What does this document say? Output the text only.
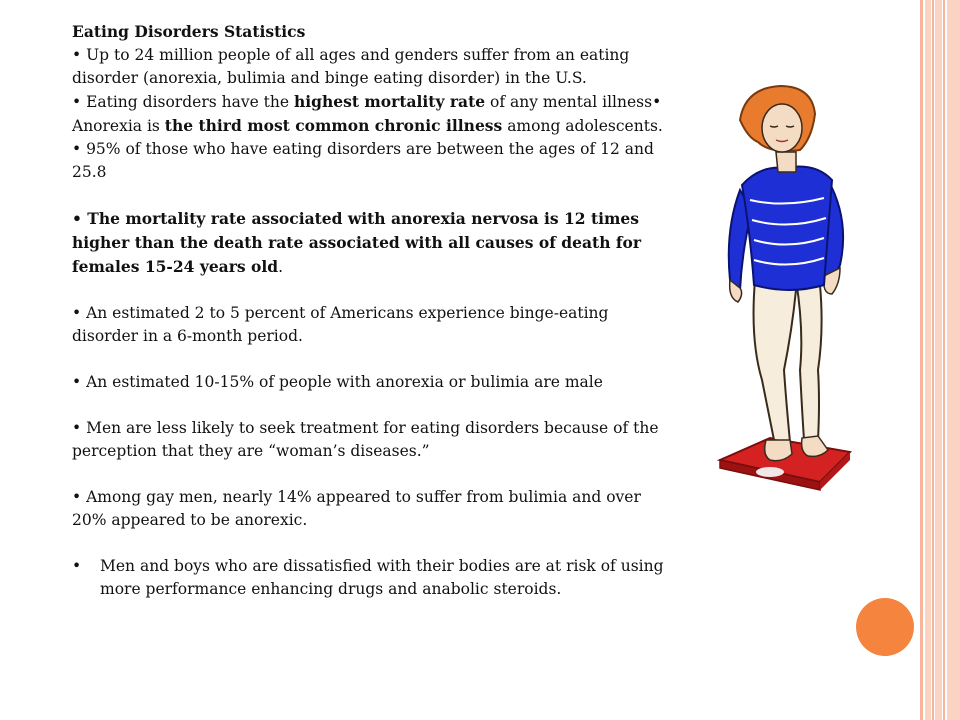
Eating Disorders Statistics

• Up to 24 million people of all ages and genders suffer from an eating disorder (anorexia, bulimia and binge eating disorder) in the U.S.

• Eating disorders have the highest mortality rate of any mental illness• Anorexia is the third most common chronic illness among adolescents.

• 95% of those who have eating disorders are between the ages of 12 and 25.8

• The mortality rate associated with anorexia nervosa is 12 times higher than the death rate associated with all causes of death for females 15-24 years old.

• An estimated 2 to 5 percent of Americans experience binge-eating disorder in a 6-month period.

• An estimated 10-15% of people with anorexia or bulimia are male

• Men are less likely to seek treatment for eating disorders because of the perception that they are “woman’s diseases.”

• Among gay men, nearly 14% appeared to suffer from bulimia and over 20% appeared to be anorexic.

•	Men and boys who are dissatisfied with their bodies are at risk of using more performance enhancing drugs and anabolic steroids.
